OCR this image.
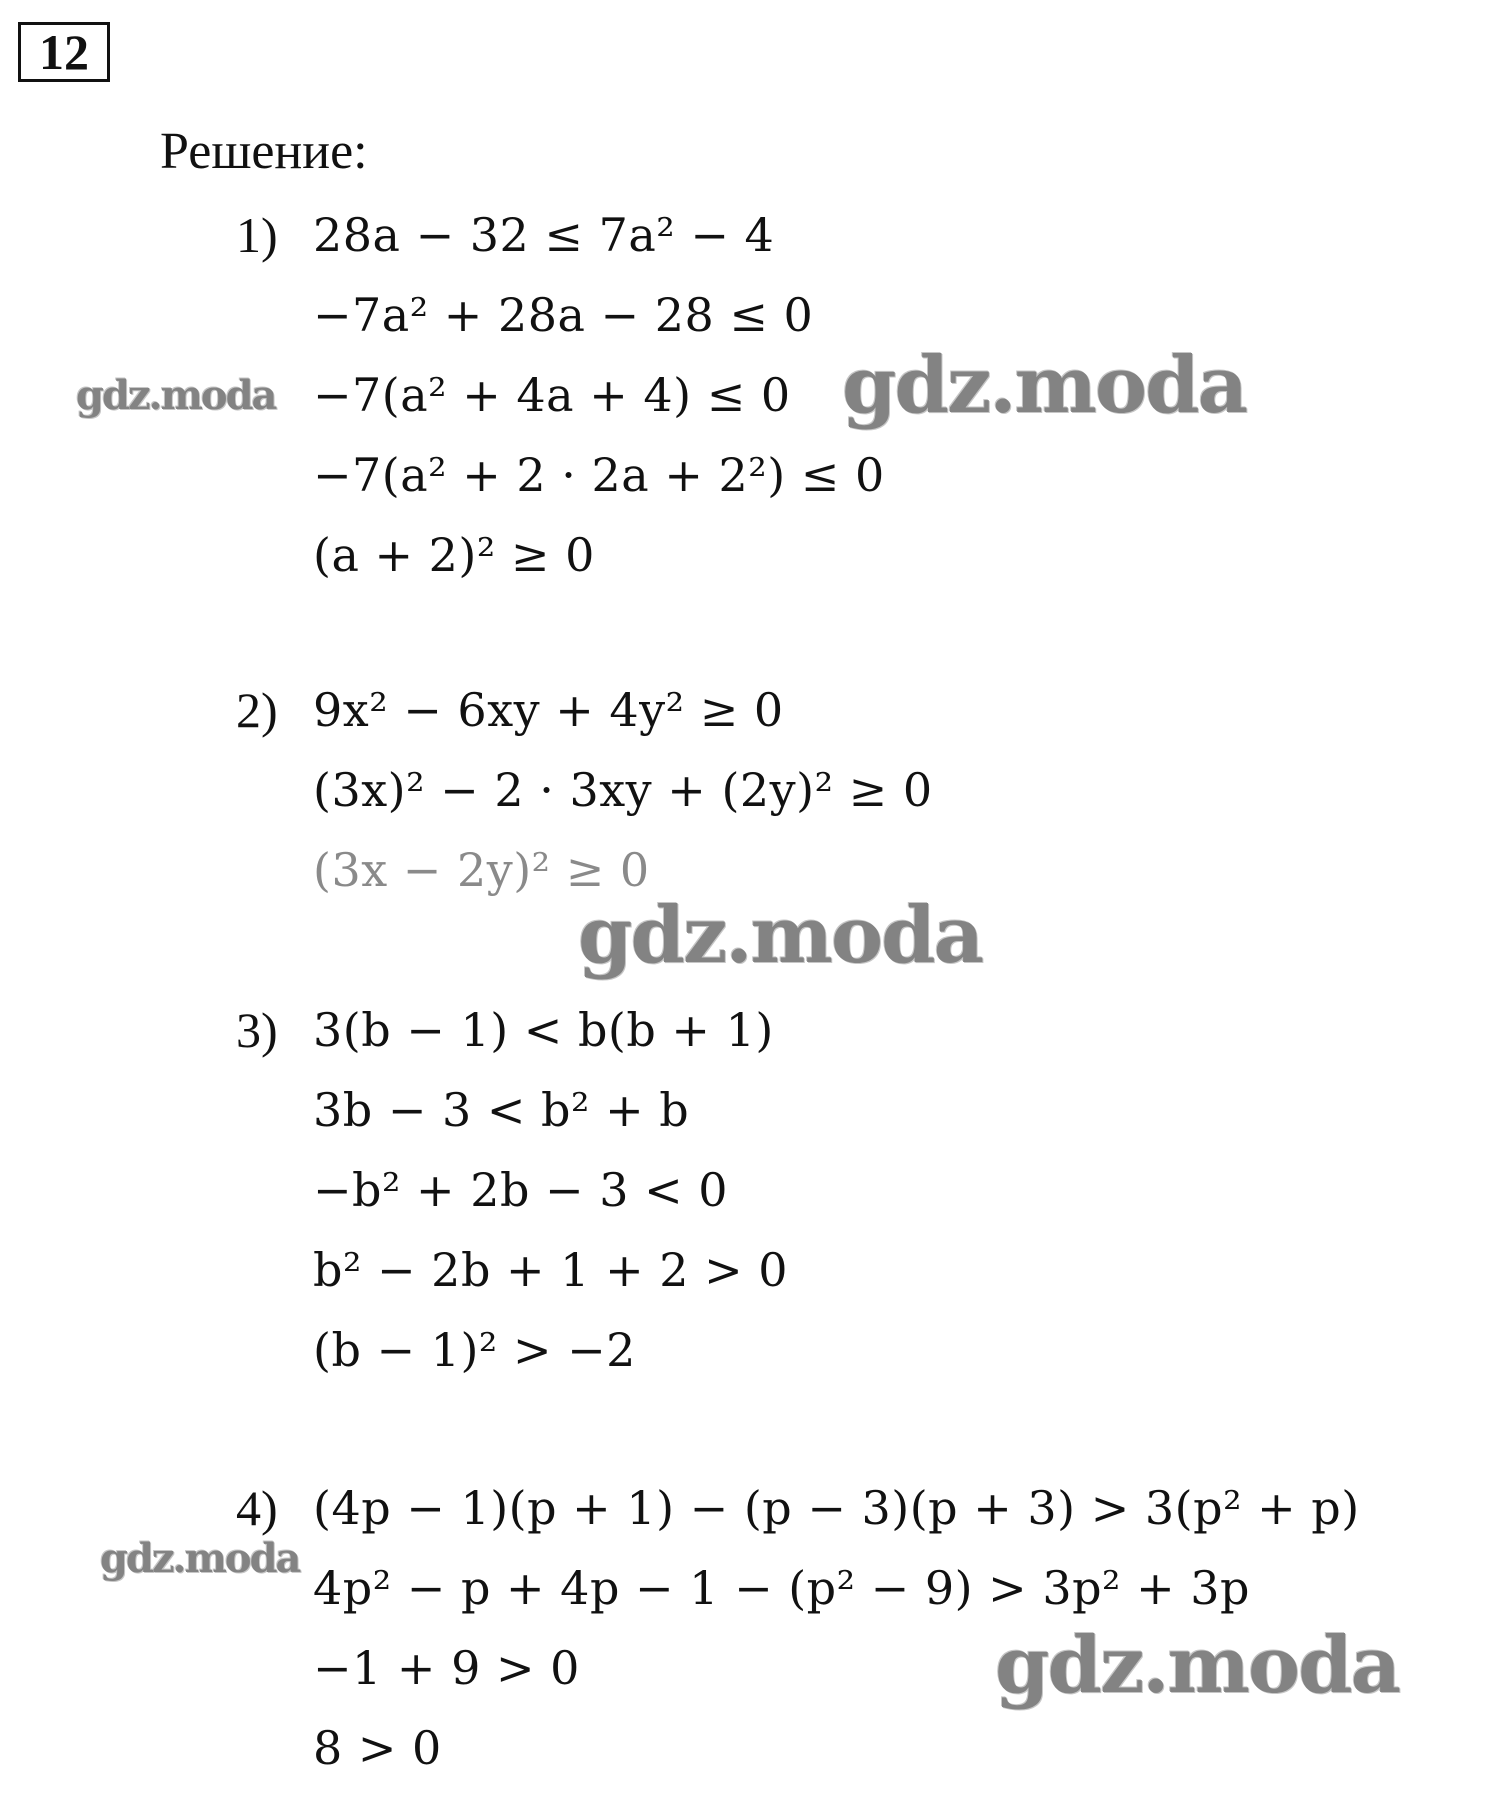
12
Решение:
1) 28a − 32 ≤ 7a² − 4
−7a² + 28a − 28 ≤ 0
−7(a² + 4a + 4) ≤ 0
−7(a² + 2 · 2a + 2²) ≤ 0
(a + 2)² ≥ 0
2) 9x² − 6xy + 4y² ≥ 0
(3x)² − 2 · 3xy + (2y)² ≥ 0
(3x − 2y)² ≥ 0
3) 3(b − 1) < b(b + 1)
3b − 3 < b² + b
−b² + 2b − 3 < 0
b² − 2b + 1 + 2 > 0
(b − 1)² > −2
4) (4p − 1)(p + 1) − (p − 3)(p + 3) > 3(p² + p)
4p² − p + 4p − 1 − (p² − 9) > 3p² + 3p
−1 + 9 > 0
8 > 0
gdz.moda	gdz.moda
gdz.moda
gdz.moda
gdz.moda
